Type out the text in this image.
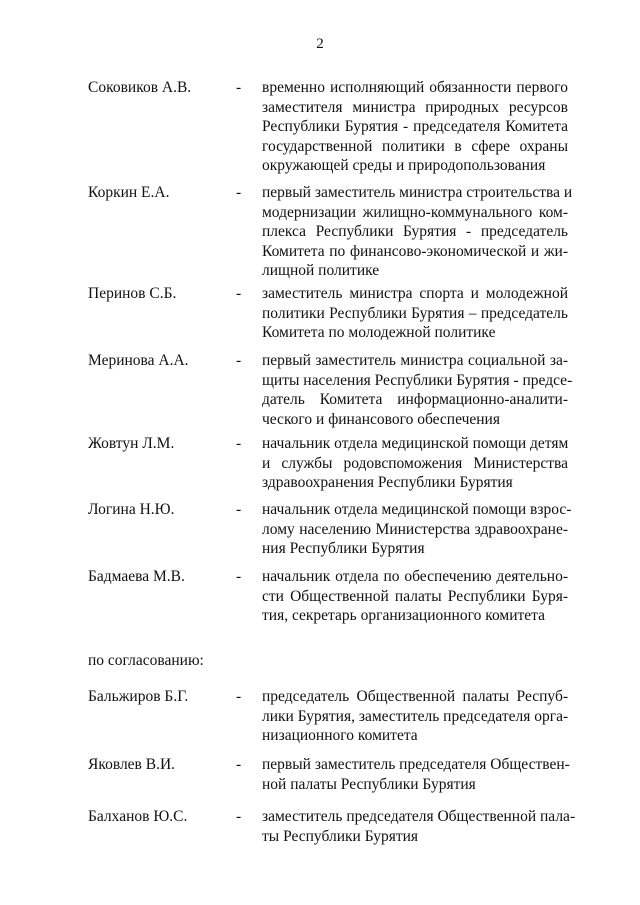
2
Соковиков А.В.	- временно исполняющий обязанности первого
заместителя министра природных ресурсов
Республики Бурятия - председателя Комитета
государственной политики в сфере охраны
окружающей среды и природопользования
Коркин Е.А.	- первый заместитель министра строительства и
модернизации жилищно-коммунального ком-
плекса Республики Бурятия - председатель
Комитета по финансово-экономической и жи-
лищной политике
Перинов С.Б.	- заместитель министра спорта и молодежной
политики Республики Бурятия – председатель
Комитета по молодежной политике
Меринова А.А.	- первый заместитель министра социальной за-
щиты населения Республики Бурятия - предсе-
датель Комитета информационно-аналити-
ческого и финансового обеспечения
Жовтун Л.М.	- начальник отдела медицинской помощи детям
и службы родовспоможения Министерства
здравоохранения Республики Бурятия
Логина Н.Ю.	- начальник отдела медицинской помощи взрос-
лому населению Министерства здравоохране-
ния Республики Бурятия
Бадмаева М.В.	- начальник отдела по обеспечению деятельно-
сти Общественной палаты Республики Буря-
тия, секретарь организационного комитета
по согласованию:
Бальжиров Б.Г.	- председатель Общественной палаты Респуб-
лики Бурятия, заместитель председателя орга-
низационного комитета
Яковлев В.И.	- первый заместитель председателя Обществен-
ной палаты Республики Бурятия
Балханов Ю.С.	- заместитель председателя Общественной пала-
ты Республики Бурятия
